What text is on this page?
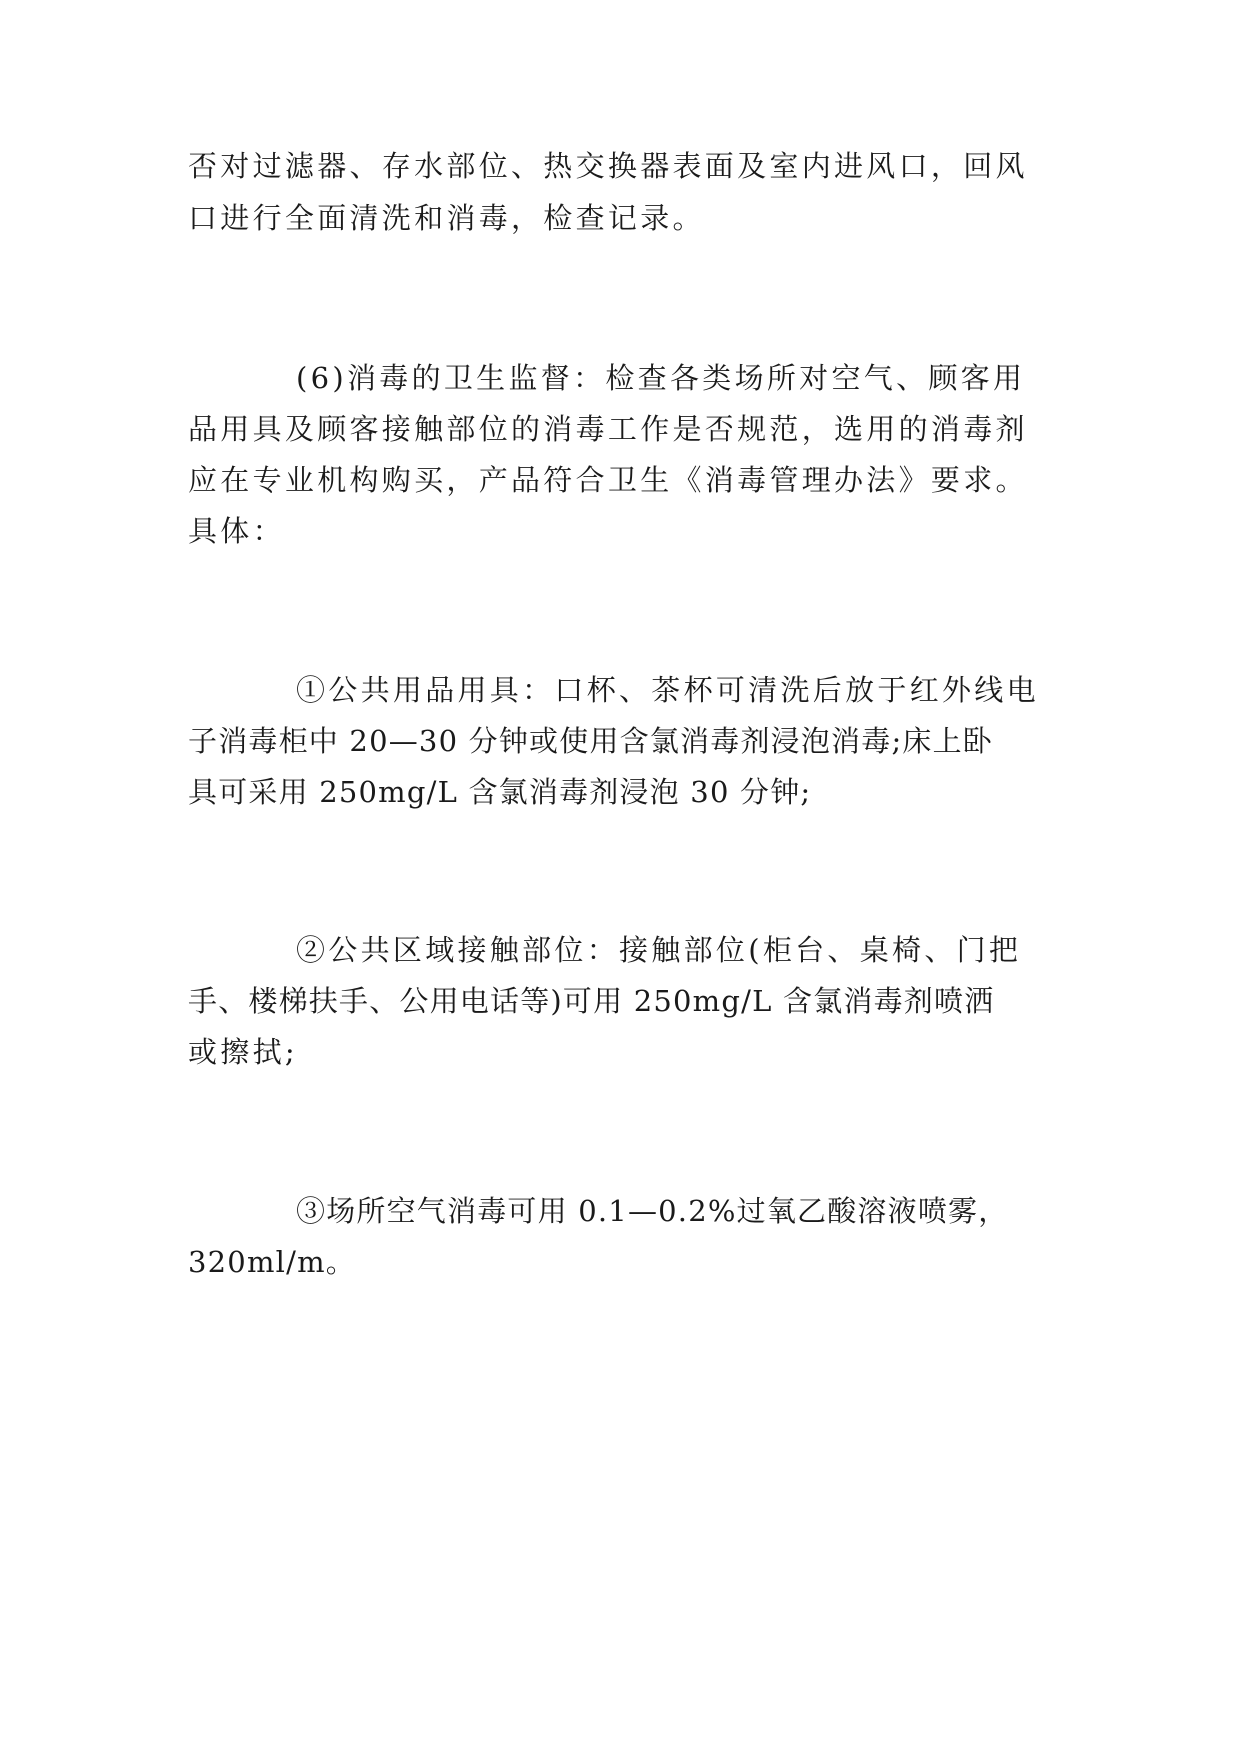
否对过滤器、存水部位、热交换器表面及室内进风口，回风
口进行全面清洗和消毒，检查记录。
(6)消毒的卫生监督：检查各类场所对空气、顾客用
品用具及顾客接触部位的消毒工作是否规范，选用的消毒剂
应在专业机构购买，产品符合卫生《消毒管理办法》要求。
具体：
①公共用品用具：口杯、茶杯可清洗后放于红外线电
子消毒柜中 20—30 分钟或使用含氯消毒剂浸泡消毒;床上卧
具可采用 250mg/L 含氯消毒剂浸泡 30 分钟;
②公共区域接触部位：接触部位(柜台、桌椅、门把
手、楼梯扶手、公用电话等)可用 250mg/L 含氯消毒剂喷洒
或擦拭;
③场所空气消毒可用 0.1—0.2%过氧乙酸溶液喷雾，
320ml/m。
